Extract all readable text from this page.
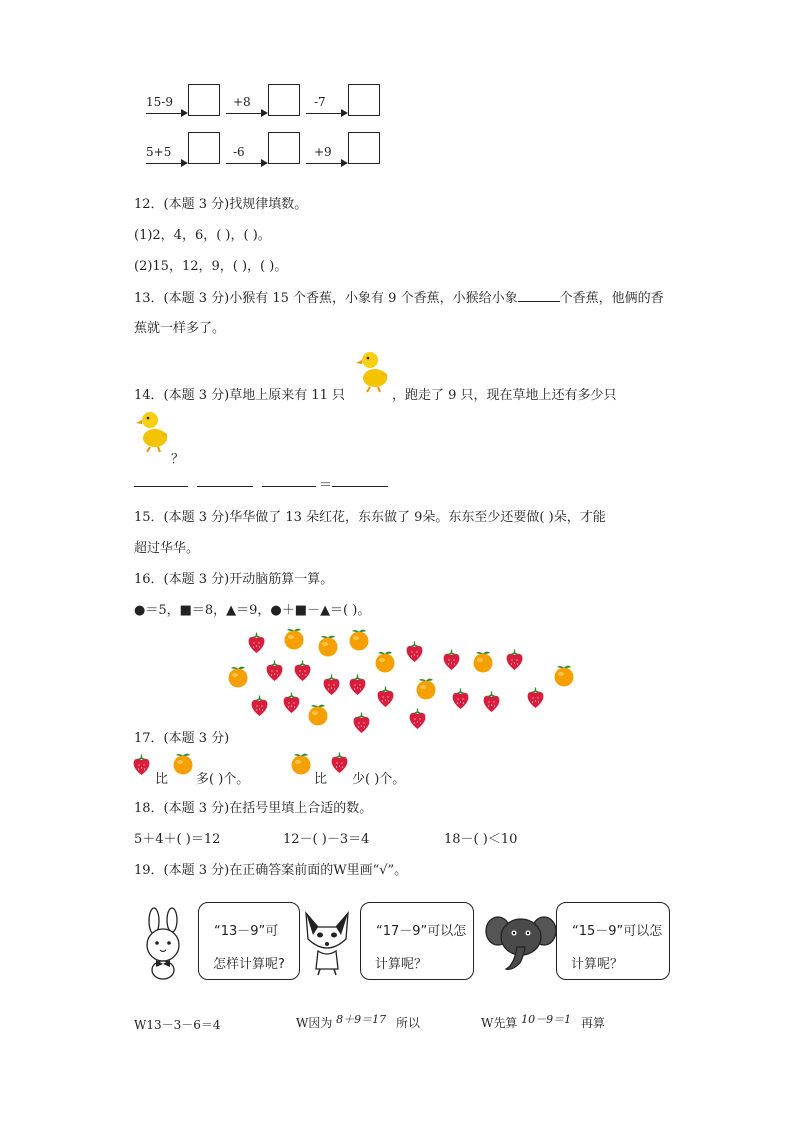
15-9	+8	-7
5+5	-6	+9
12．(本题 3 分)找规律填数。
(1)2，4，6，( )，( )。
(2)15，12，9，( )，( )。
13．(本题 3 分)小猴有 15 个香蕉，小象有 9 个香蕉，小猴给小象	个香蕉，他俩的香
蕉就一样多了。
14．(本题 3 分)草地上原来有 11 只	，跑走了 9 只，现在草地上还有多少只
？
＝
15．(本题 3 分)华华做了 13 朵红花，东东做了 9朵。东东至少还要做( )朵，才能
超过华华。
16．(本题 3 分)开动脑筋算一算。
●＝5，■＝8，▲＝9，●＋■－▲＝( )。
17．(本题 3 分)
比 多( )个。	比 少( )个。
18．(本题 3 分)在括号里填上合适的数。
5＋4＋( )＝12	12－( )－3＝4	18－( )＜10
19．(本题 3 分)在正确答案前面的W里画“√”。
“13－9”可
怎样计算呢?
“17－9”可以怎
计算呢？
“15－9”可以怎
计算呢？
W13－3－6＝4	W因为 8＋9＝17 所以	W先算 10－9＝1 再算
